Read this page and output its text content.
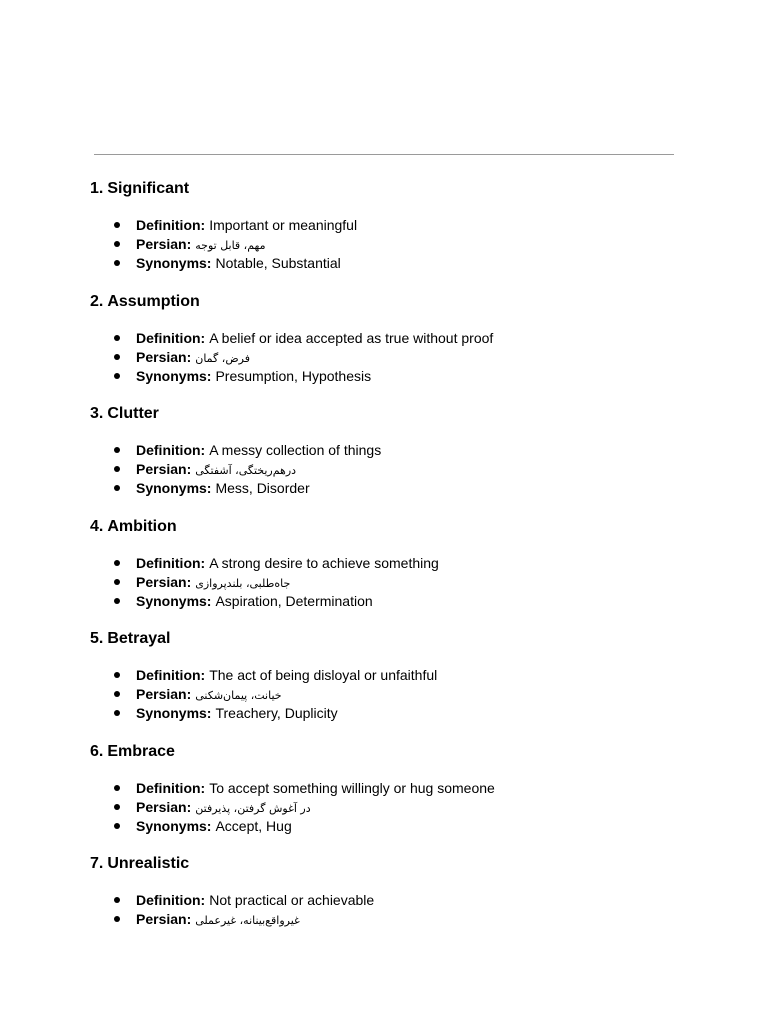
1. Significant
Definition: Important or meaningful
Persian: مهم، قابل توجه
Synonyms: Notable, Substantial
2. Assumption
Definition: A belief or idea accepted as true without proof
Persian: فرض، گمان
Synonyms: Presumption, Hypothesis
3. Clutter
Definition: A messy collection of things
Persian: درهم‌ریختگی، آشفتگی
Synonyms: Mess, Disorder
4. Ambition
Definition: A strong desire to achieve something
Persian: جاه‌طلبی، بلندپروازی
Synonyms: Aspiration, Determination
5. Betrayal
Definition: The act of being disloyal or unfaithful
Persian: خیانت، پیمان‌شکنی
Synonyms: Treachery, Duplicity
6. Embrace
Definition: To accept something willingly or hug someone
Persian: در آغوش گرفتن، پذیرفتن
Synonyms: Accept, Hug
7. Unrealistic
Definition: Not practical or achievable
Persian: غیرواقع‌بینانه، غیرعملی
